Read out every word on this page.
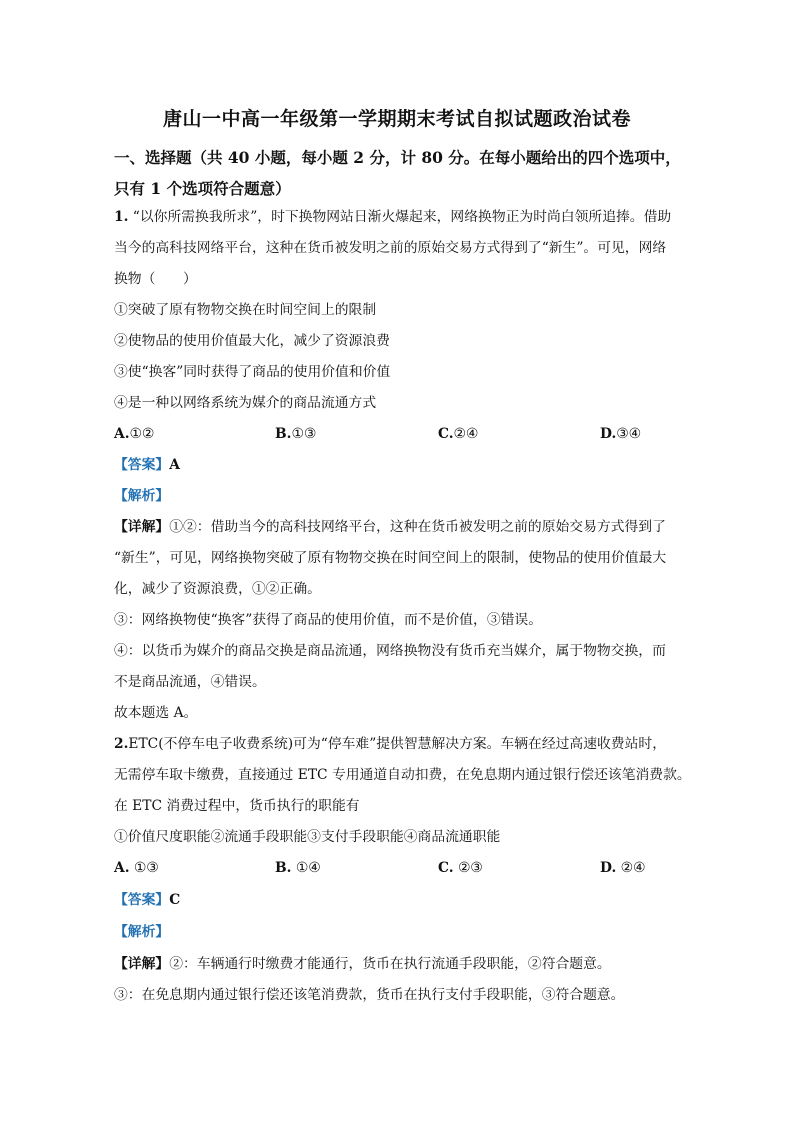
唐山一中高一年级第一学期期末考试自拟试题政治试卷
一、选择题（共 40 小题，每小题 2 分，计 80 分。在每小题给出的四个选项中，
只有 1 个选项符合题意）
1. “以你所需换我所求”，时下换物网站日渐火爆起来，网络换物正为时尚白领所追捧。借助
当今的高科技网络平台，这种在货币被发明之前的原始交易方式得到了“新生”。可见，网络
换物（　　）
①突破了原有物物交换在时间空间上的限制
②使物品的使用价值最大化，减少了资源浪费
③使“换客”同时获得了商品的使用价值和价值
④是一种以网络系统为媒介的商品流通方式
A.①②	B.①③	C.②④	D.③④
【答案】A
【解析】
【详解】①②：借助当今的高科技网络平台，这种在货币被发明之前的原始交易方式得到了
“新生”，可见，网络换物突破了原有物物交换在时间空间上的限制，使物品的使用价值最大
化，减少了资源浪费，①②正确。
③：网络换物使“换客”获得了商品的使用价值，而不是价值，③错误。
④：以货币为媒介的商品交换是商品流通，网络换物没有货币充当媒介，属于物物交换，而
不是商品流通，④错误。
故本题选 A。
2.ETC(不停车电子收费系统)可为“停车难”提供智慧解决方案。车辆在经过高速收费站时，
无需停车取卡缴费，直接通过 ETC 专用通道自动扣费，在免息期内通过银行偿还该笔消费款。
在 ETC 消费过程中，货币执行的职能有
①价值尺度职能②流通手段职能③支付手段职能④商品流通职能
A. ①③	B. ①④	C. ②③	D. ②④
【答案】C
【解析】
【详解】②：车辆通行时缴费才能通行，货币在执行流通手段职能，②符合题意。
③：在免息期内通过银行偿还该笔消费款，货币在执行支付手段职能，③符合题意。
